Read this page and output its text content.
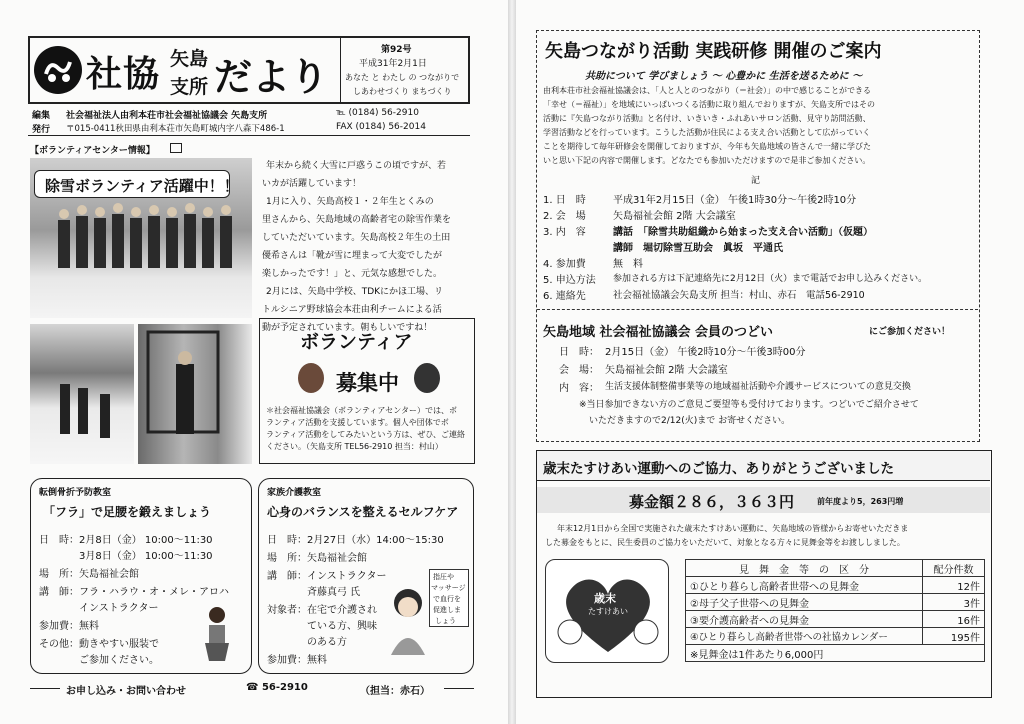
社協 矢島
支所 だより
第92号
平成31年2月1日
あなた と わたし の つながりで
しあわせづくり まちづくり
編集
発行
社会福祉法人由利本荘市社会福祉協議会 矢島支所
〒015-0411秋田県由利本荘市矢島町城内字八森下486-1
℡ (0184) 56-2910
FAX (0184) 56-2014
【ボランティアセンター情報】
除雪ボランティア活躍中！！
年末から続く大雪に戸惑うこの頃ですが、若
いカが活躍しています！
1月に入り、矢島高校１・２年生とくみの
里さんから、矢島地域の高齢者宅の除雪作業を
していただいています。矢島高校２年生の土田
優希さんは「靴が雪に埋まって大変でしたが
楽しかったです！」と、元気な感想でした。
2月には、矢島中学校、TDKにかほ工場、リ
トルシニア野球協会本荘由利チームによる活
動が予定されています。朝もしいですね！
ボランティア
募集中
＊社会福祉協議会（ボランティアセンター）では、ボ
ランティア活動を支援しています。個人や団体でボ
ランティア活動をしてみたいという方は、ぜひ、ご連絡
ください。（矢島支所 TEL56-2910 担当：村山）
転倒骨折予防教室
「フラ」で足腰を鍛えましょう
日　時： 2月8日（金） 10:00～11:30
3月8日（金） 10:00～11:30
場　所： 矢島福祉会館
講　師： フラ・ハラウ・オ・メレ・アロハ
インストラクター
参加費： 無料
その他： 動きやすい服装で
ご参加ください。
家族介護教室
心身のバランスを整えるセルフケア
日　時： 2月27日（水）14:00～15:30
場　所： 矢島福祉会館
講　師： インストラクター
斉藤真弓 氏
対象者： 在宅で介護され
ている方、興味
のある方
参加費： 無料
指圧や
マッサージ
で血行を
促進しま
しょう
お申し込み・お問い合わせ	☎ 56-2910	（担当：赤石）
矢島つながり活動 実践研修 開催のご案内
共助について 学びましょう ～ 心豊かに 生活を送るために ～
由利本荘市社会福祉協議会は、「人と人とのつながり（＝社会）」の中で感じることができる
「幸せ（＝福祉）」を地域にいっぱいつくる活動に取り組んでおりますが、矢島支所ではその
活動に『矢島つながり活動』と名付け、いきいき・ふれあいサロン活動、見守り訪問活動、
学習活動などを行っています。こうした活動が住民による支え合い活動として広がっていく
ことを期待して毎年研修会を開催しておりますが、今年も矢島地域の皆さんで一緒に学びた
いと思い下記の内容で開催します。どなたでも参加いただけますので是非ご参加ください。
記
1. 日　時	平成31年2月15日（金） 午後1時30分～午後2時10分
2. 会　場	矢島福祉会館 2階 大会議室
3. 内　容	講話　「除雪共助組織から始まった支え合い活動」（仮題）
講師　堀切除雪互助会　眞坂　平通氏
4. 参加費	無　料
5. 申込方法	参加される方は下記連絡先に2月12日（火）まで電話でお申し込みください。
6. 連絡先	社会福祉協議会矢島支所 担当：村山、赤石　電話56-2910
矢島地域 社会福祉協議会 会員のつどい	にご参加ください！
日　時： 2月15日（金） 午後2時10分～午後3時00分
会　場： 矢島福祉会館 2階 大会議室
内　容： 生活支援体制整備事業等の地域福祉活動や介護サービスについての意見交換
※当日参加できない方のご意見ご要望等も受付けております。つどいでご紹介させて
いただきますので2/12(火)まで お寄せください。
歳末たすけあい運動へのご協力、ありがとうございました
募金額２８６，３６３円	前年度より5，263円増
年末12月1日から全国で実施された歳末たすけあい運動に、矢島地域の皆様からお寄せいただきま
した募金をもとに、民生委員のご協力をいただいて、対象となる方々に見舞金等をお渡ししました。
歳末
たすけあい
見　舞　金　等　の　区　分	配分件数
①ひとり暮らし高齢者世帯への見舞金	12件
②母子父子世帯への見舞金	3件
③要介護高齢者への見舞金	16件
④ひとり暮らし高齢者世帯への社協カレンダー	195件
※見舞金は1件あたり6,000円	
